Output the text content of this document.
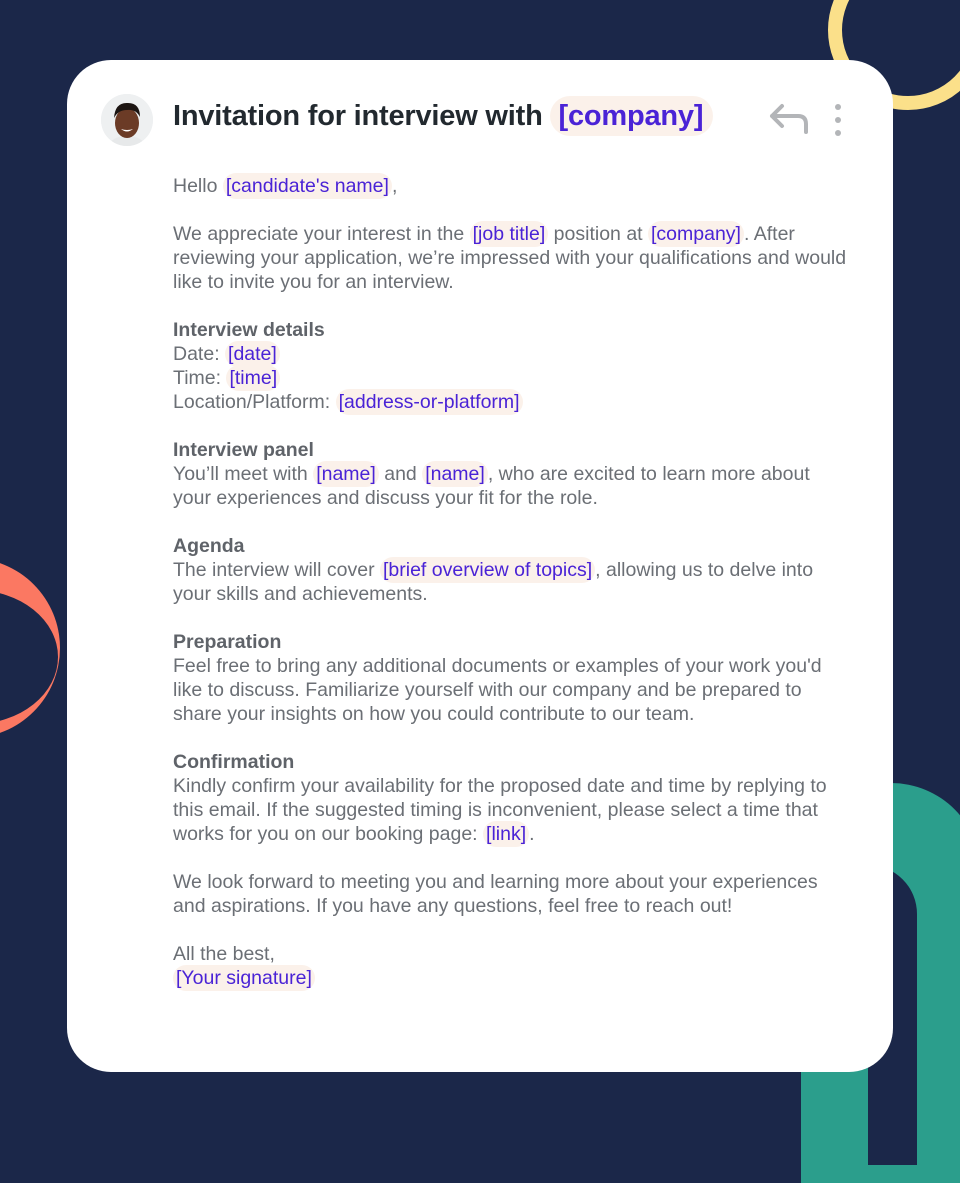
Invitation for interview with [company]

Hello [candidate's name] ,

We appreciate your interest in the [job title] position at [company] . After reviewing your application, we’re impressed with your qualifications and would like to invite you for an interview.

Interview details
Date: [date]
Time: [time]
Location/Platform: [address-or-platform]

Interview panel
You’ll meet with [name] and [name] , who are excited to learn more about your experiences and discuss your fit for the role.

Agenda
The interview will cover [brief overview of topics] , allowing us to delve into your skills and achievements.

Preparation
Feel free to bring any additional documents or examples of your work you'd like to discuss. Familiarize yourself with our company and be prepared to share your insights on how you could contribute to our team.

Confirmation
Kindly confirm your availability for the proposed date and time by replying to this email. If the suggested timing is inconvenient, please select a time that works for you on our booking page: [link] .

We look forward to meeting you and learning more about your experiences and aspirations. If you have any questions, feel free to reach out!

All the best,
[Your signature]
